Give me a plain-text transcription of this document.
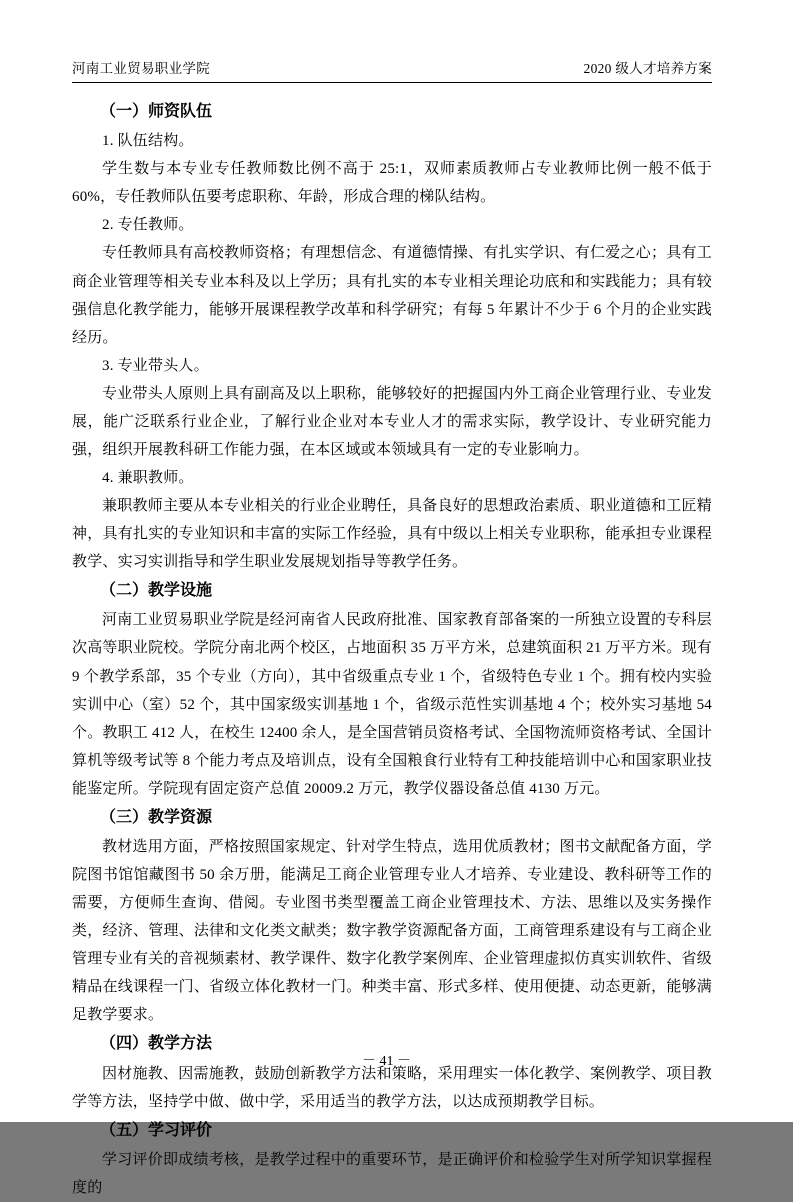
河南工业贸易职业学院	2020 级人才培养方案
（一）师资队伍

1. 队伍结构。

学生数与本专业专任教师数比例不高于 25:1，双师素质教师占专业教师比例一般不低于 60%，专任教师队伍要考虑职称、年龄，形成合理的梯队结构。

2. 专任教师。

专任教师具有高校教师资格；有理想信念、有道德情操、有扎实学识、有仁爱之心；具有工商企业管理等相关专业本科及以上学历；具有扎实的本专业相关理论功底和和实践能力；具有较强信息化教学能力，能够开展课程教学改革和科学研究；有每 5 年累计不少于 6 个月的企业实践经历。

3. 专业带头人。

专业带头人原则上具有副高及以上职称，能够较好的把握国内外工商企业管理行业、专业发展，能广泛联系行业企业，了解行业企业对本专业人才的需求实际，教学设计、专业研究能力强，组织开展教科研工作能力强，在本区域或本领域具有一定的专业影响力。

4. 兼职教师。

兼职教师主要从本专业相关的行业企业聘任，具备良好的思想政治素质、职业道德和工匠精神，具有扎实的专业知识和丰富的实际工作经验，具有中级以上相关专业职称，能承担专业课程教学、实习实训指导和学生职业发展规划指导等教学任务。

（二）教学设施

河南工业贸易职业学院是经河南省人民政府批准、国家教育部备案的一所独立设置的专科层次高等职业院校。学院分南北两个校区，占地面积 35 万平方米，总建筑面积 21 万平方米。现有 9 个教学系部，35 个专业（方向），其中省级重点专业 1 个，省级特色专业 1 个。拥有校内实验实训中心（室）52 个，其中国家级实训基地 1 个，省级示范性实训基地 4 个；校外实习基地 54 个。教职工 412 人，在校生 12400 余人，是全国营销员资格考试、全国物流师资格考试、全国计算机等级考试等 8 个能力考点及培训点，设有全国粮食行业特有工种技能培训中心和国家职业技能鉴定所。学院现有固定资产总值 20009.2 万元，教学仪器设备总值 4130 万元。

（三）教学资源

教材选用方面，严格按照国家规定、针对学生特点，选用优质教材；图书文献配备方面，学院图书馆馆藏图书 50 余万册，能满足工商企业管理专业人才培养、专业建设、教科研等工作的需要，方便师生查询、借阅。专业图书类型覆盖工商企业管理技术、方法、思维以及实务操作类，经济、管理、法律和文化类文献类；数字教学资源配备方面，工商管理系建设有与工商企业管理专业有关的音视频素材、教学课件、数字化教学案例库、企业管理虚拟仿真实训软件、省级精品在线课程一门、省级立体化教材一门。种类丰富、形式多样、使用便捷、动态更新，能够满足教学要求。

（四）教学方法

因材施教、因需施教，鼓励创新教学方法和策略，采用理实一体化教学、案例教学、项目教学等方法，坚持学中做、做中学，采用适当的教学方法，以达成预期教学目标。

（五）学习评价

学习评价即成绩考核，是教学过程中的重要环节，是正确评价和检验学生对所学知识掌握程度的

－ 41 －
